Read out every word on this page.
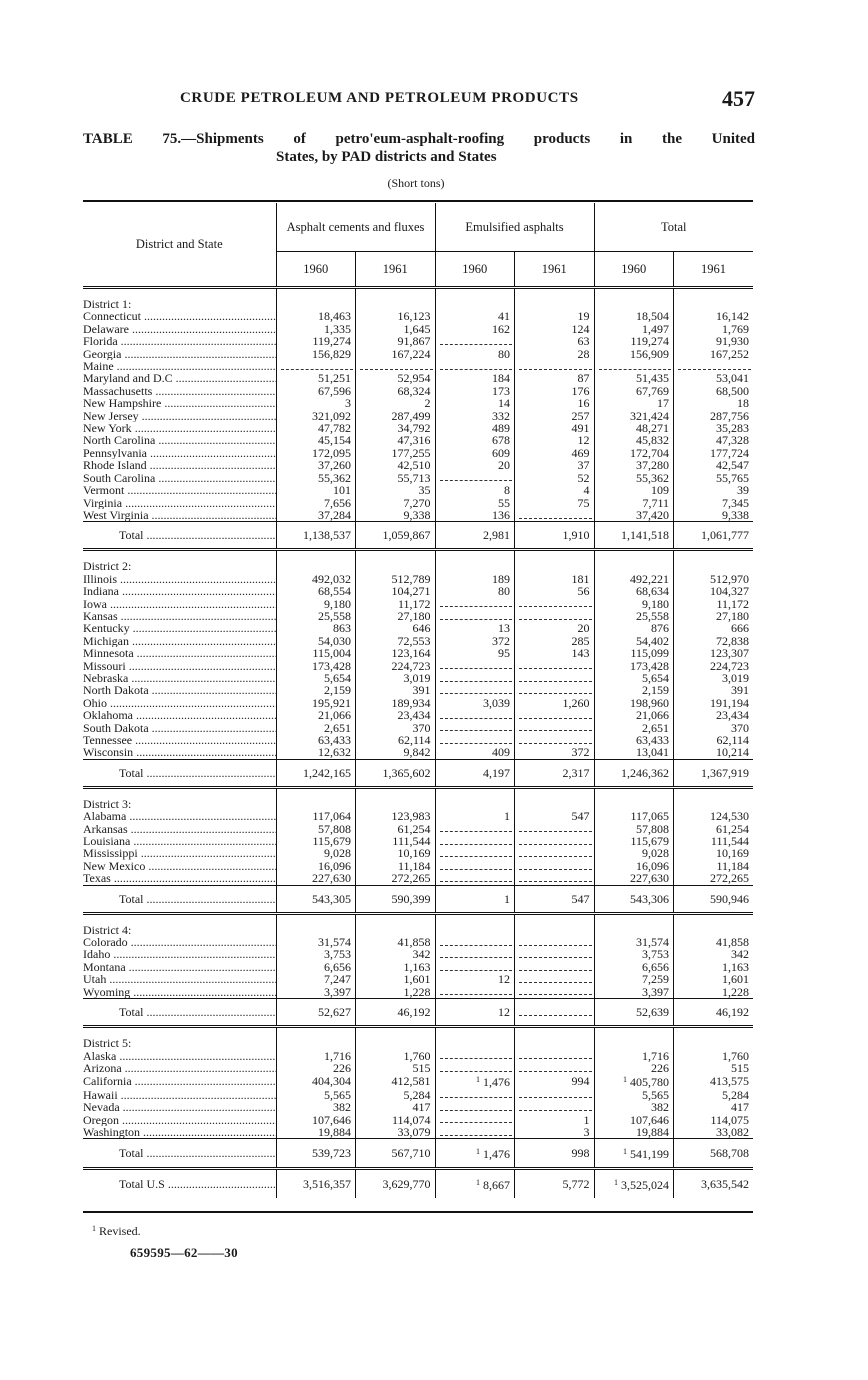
CRUDE PETROLEUM AND PETROLEUM PRODUCTS	457
TABLE 75.—Shipments of petro'eum-asphalt-roofing products in the United
States, by PAD districts and States
(Short tons)
District and State	Asphalt cements and fluxes		Emulsified asphalts		Total	
	1960	1961	1960	1961	1960	1961

District 1:						
Connecticut .....	18,463	16,123	41	19	18,504	16,142
Delaware .....	1,335	1,645	162	124	1,497	1,769
Florida .....	119,274	91,867		63	119,274	91,930
Georgia .....	156,829	167,224	80	28	156,909	167,252
Maine .....	

Maryland and D.C .....	51,251	52,954	184	87	51,435	53,041
Massachusetts .....	67,596	68,324	173	176	67,769	68,500
New Hampshire .....	3	2	14	16	17	18
New Jersey .....	321,092	287,499	332	257	321,424	287,756
New York .....	47,782	34,792	489	491	48,271	35,283
North Carolina .....	45,154	47,316	678	12	45,832	47,328
Pennsylvania .....	172,095	177,255	609	469	172,704	177,724
Rhode Island .....	37,260	42,510	20	37	37,280	42,547
South Carolina .....	55,362	55,713		52	55,362	55,765
Vermont .....	101	35	8	4	109	39
Virginia .....	7,656	7,270	55	75	7,711	7,345
West Virginia .....	37,284	9,338	136		37,420	9,338
Total .....	1,138,537	1,059,867	2,981	1,910	1,141,518	1,061,777

District 2:						
Illinois .....	492,032	512,789	189	181	492,221	512,970
Indiana .....	68,554	104,271	80	56	68,634	104,327
Iowa .....	9,180	11,172			9,180	11,172
Kansas .....	25,558	27,180			25,558	27,180
Kentucky .....	863	646	13	20	876	666
Michigan .....	54,030	72,553	372	285	54,402	72,838
Minnesota .....	115,004	123,164	95	143	115,099	123,307
Missouri .....	173,428	224,723			173,428	224,723
Nebraska .....	5,654	3,019			5,654	3,019
North Dakota .....	2,159	391			2,159	391
Ohio .....	195,921	189,934	3,039	1,260	198,960	191,194
Oklahoma .....	21,066	23,434			21,066	23,434
South Dakota .....	2,651	370			2,651	370
Tennessee .....	63,433	62,114			63,433	62,114
Wisconsin .....	12,632	9,842	409	372	13,041	10,214
Total .....	1,242,165	1,365,602	4,197	2,317	1,246,362	1,367,919

District 3:						
Alabama .....	117,064	123,983	1	547	117,065	124,530
Arkansas .....	57,808	61,254			57,808	61,254
Louisiana .....	115,679	111,544			115,679	111,544
Mississippi .....	9,028	10,169			9,028	10,169
New Mexico .....	16,096	11,184			16,096	11,184
Texas .....	227,630	272,265			227,630	272,265
Total .....	543,305	590,399	1	547	543,306	590,946

District 4:						
Colorado .....	31,574	41,858			31,574	41,858
Idaho .....	3,753	342			3,753	342
Montana .....	6,656	1,163			6,656	1,163
Utah .....	7,247	1,601	12		7,259	1,601
Wyoming .....	3,397	1,228			3,397	1,228
Total .....	52,627	46,192	12		52,639	46,192

District 5:						
Alaska .....	1,716	1,760			1,716	1,760
Arizona .....	226	515			226	515
California .....	404,304	412,581	$^1$ 1,476	994	$^1$ 405,780	413,575
Hawaii .....	5,565	5,284			5,565	5,284
Nevada .....	382	417			382	417
Oregon .....	107,646	114,074		1	107,646	114,075
Washington .....	19,884	33,079		3	19,884	33,082
Total .....	539,723	567,710	$^1$ 1,476	998	$^1$ 541,199	568,708
Total U.S .....	3,516,357	3,629,770	$^1$ 8,667	5,772	$^1$ 3,525,024	3,635,542
$^1$ Revised.
659595—62——30
